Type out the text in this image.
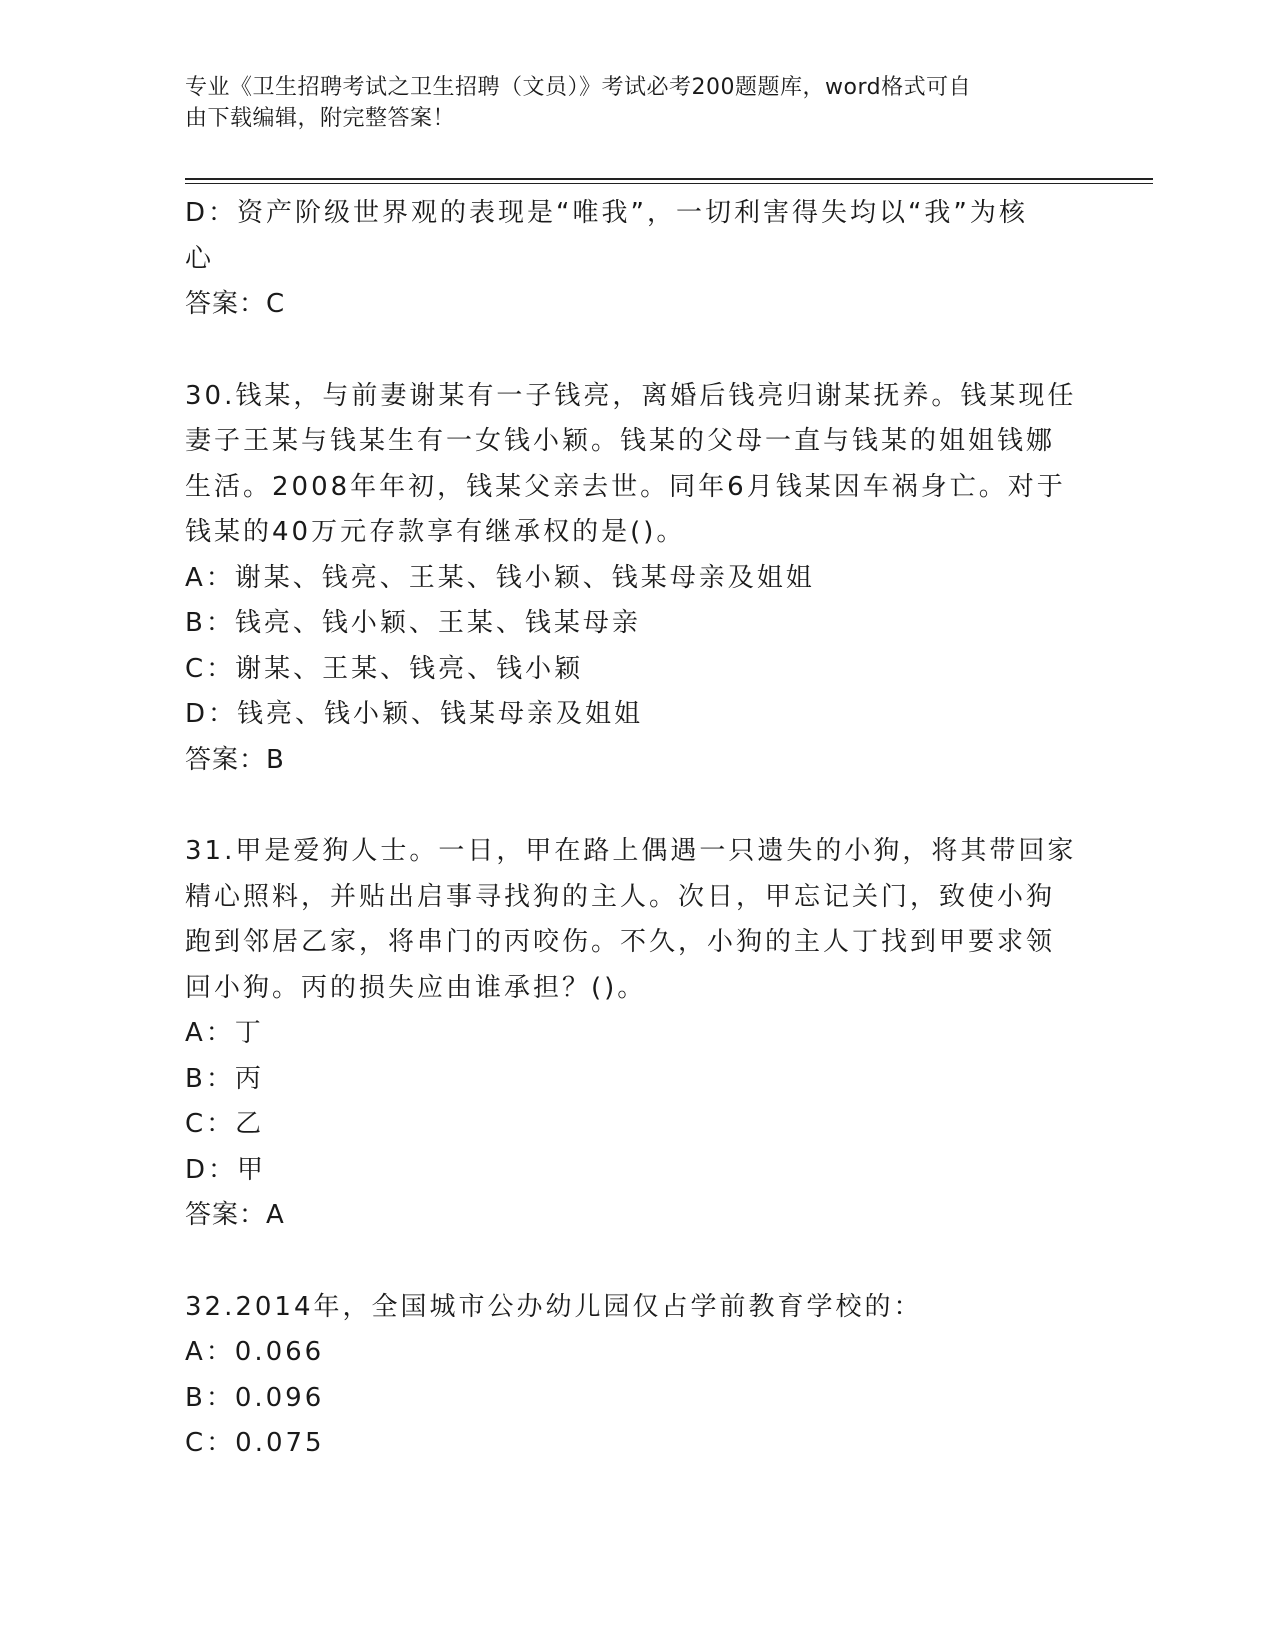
专业《卫生招聘考试之卫生招聘（文员）》考试必考200题题库，word格式可自
由下载编辑，附完整答案！
D：资产阶级世界观的表现是“唯我”，一切利害得失均以“我”为核
心
答案：C
30.钱某，与前妻谢某有一子钱亮，离婚后钱亮归谢某抚养。钱某现任
妻子王某与钱某生有一女钱小颖。钱某的父母一直与钱某的姐姐钱娜
生活。2008年年初，钱某父亲去世。同年6月钱某因车祸身亡。对于
钱某的40万元存款享有继承权的是()。
A：谢某、钱亮、王某、钱小颖、钱某母亲及姐姐
B：钱亮、钱小颖、王某、钱某母亲
C：谢某、王某、钱亮、钱小颖
D：钱亮、钱小颖、钱某母亲及姐姐
答案：B
31.甲是爱狗人士。一日，甲在路上偶遇一只遗失的小狗，将其带回家
精心照料，并贴出启事寻找狗的主人。次日，甲忘记关门，致使小狗
跑到邻居乙家，将串门的丙咬伤。不久，小狗的主人丁找到甲要求领
回小狗。丙的损失应由谁承担？()。
A：丁
B：丙
C：乙
D：甲
答案：A
32.2014年，全国城市公办幼儿园仅占学前教育学校的：
A：0.066
B：0.096
C：0.075
